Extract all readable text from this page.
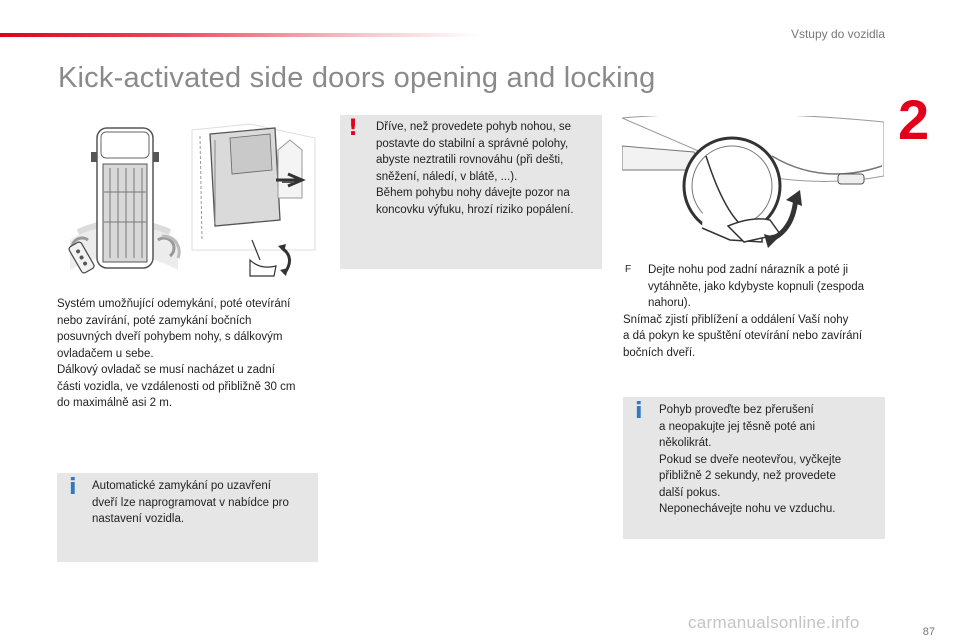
Vstupy do vozidla
2
Kick-activated side doors opening and locking
! Dříve, než provedete pohyb nohou, se
postavte do stabilní a správné polohy,
abyste neztratili rovnováhu (při dešti,
sněžení, náledí, v blátě, ...).
Během pohybu nohy dávejte pozor na
koncovku výfuku, hrozí riziko popálení.
F Dejte nohu pod zadní nárazník a poté ji
vytáhněte, jako kdybyste kopnuli (zespoda
nahoru).
Snímač zjistí přiblížení a oddálení Vaší nohy
a dá pokyn ke spuštění otevírání nebo zavírání
bočních dveří.
Systém umožňující odemykání, poté otevírání
nebo zavírání, poté zamykání bočních
posuvných dveří pohybem nohy, s dálkovým
ovladačem u sebe.
Dálkový ovladač se musí nacházet u zadní
části vozidla, ve vzdálenosti od přibližně 30 cm
do maximálně asi 2 m.	i Pohyb proveďte bez přerušení
a neopakujte jej těsně poté ani
několikrát.
Pokud se dveře neotevřou, vyčkejte
přibližně 2 sekundy, než provedete
další pokus.
Neponechávejte nohu ve vzduchu.
i Automatické zamykání po uzavření
dveří lze naprogramovat v nabídce pro
nastavení vozidla.
carmanualsonline.info	87
